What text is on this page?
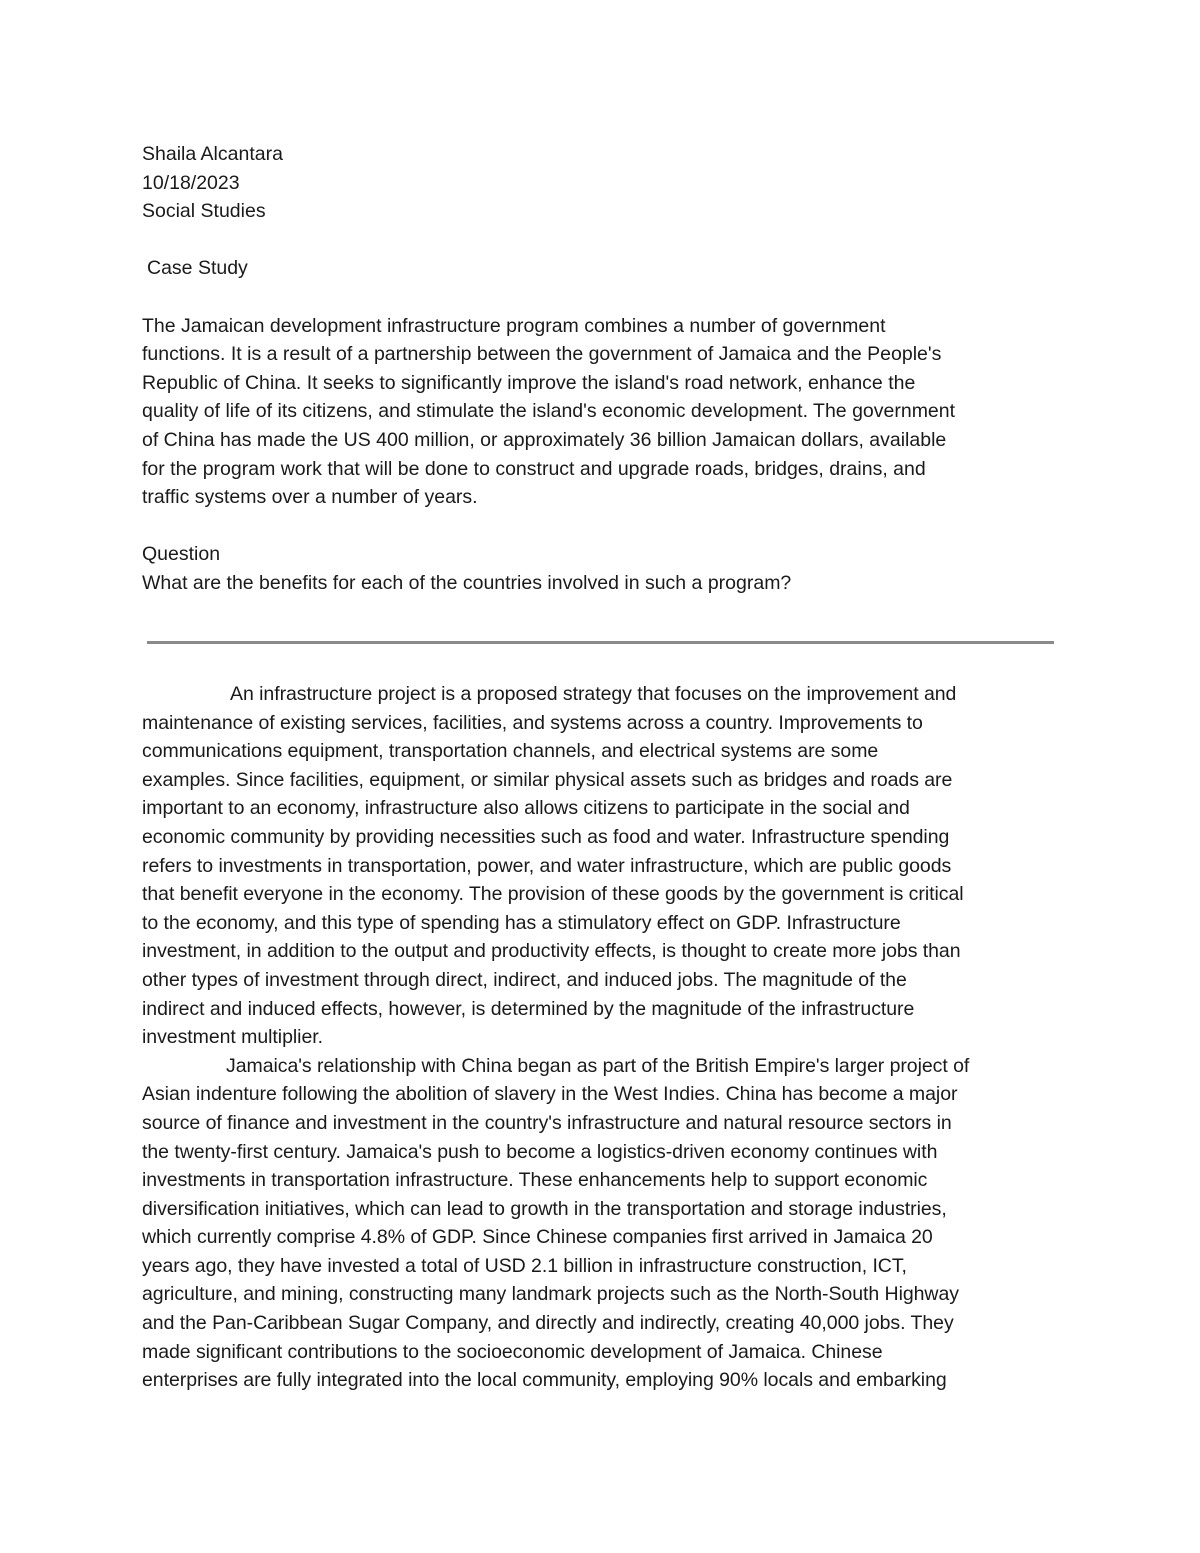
Shaila Alcantara
10/18/2023
Social Studies
Case Study
The Jamaican development infrastructure program combines a number of government
functions. It is a result of a partnership between the government of Jamaica and the People's
Republic of China. It seeks to significantly improve the island's road network, enhance the
quality of life of its citizens, and stimulate the island's economic development. The government
of China has made the US 400 million, or approximately 36 billion Jamaican dollars, available
for the program work that will be done to construct and upgrade roads, bridges, drains, and
traffic systems over a number of years.
Question
What are the benefits for each of the countries involved in such a program?
An infrastructure project is a proposed strategy that focuses on the improvement and
maintenance of existing services, facilities, and systems across a country. Improvements to
communications equipment, transportation channels, and electrical systems are some
examples. Since facilities, equipment, or similar physical assets such as bridges and roads are
important to an economy, infrastructure also allows citizens to participate in the social and
economic community by providing necessities such as food and water. Infrastructure spending
refers to investments in transportation, power, and water infrastructure, which are public goods
that benefit everyone in the economy. The provision of these goods by the government is critical
to the economy, and this type of spending has a stimulatory effect on GDP. Infrastructure
investment, in addition to the output and productivity effects, is thought to create more jobs than
other types of investment through direct, indirect, and induced jobs. The magnitude of the
indirect and induced effects, however, is determined by the magnitude of the infrastructure
investment multiplier.
Jamaica's relationship with China began as part of the British Empire's larger project of
Asian indenture following the abolition of slavery in the West Indies. China has become a major
source of finance and investment in the country's infrastructure and natural resource sectors in
the twenty-first century. Jamaica's push to become a logistics-driven economy continues with
investments in transportation infrastructure. These enhancements help to support economic
diversification initiatives, which can lead to growth in the transportation and storage industries,
which currently comprise 4.8% of GDP. Since Chinese companies first arrived in Jamaica 20
years ago, they have invested a total of USD 2.1 billion in infrastructure construction, ICT,
agriculture, and mining, constructing many landmark projects such as the North-South Highway
and the Pan-Caribbean Sugar Company, and directly and indirectly, creating 40,000 jobs. They
made significant contributions to the socioeconomic development of Jamaica. Chinese
enterprises are fully integrated into the local community, employing 90% locals and embarking
